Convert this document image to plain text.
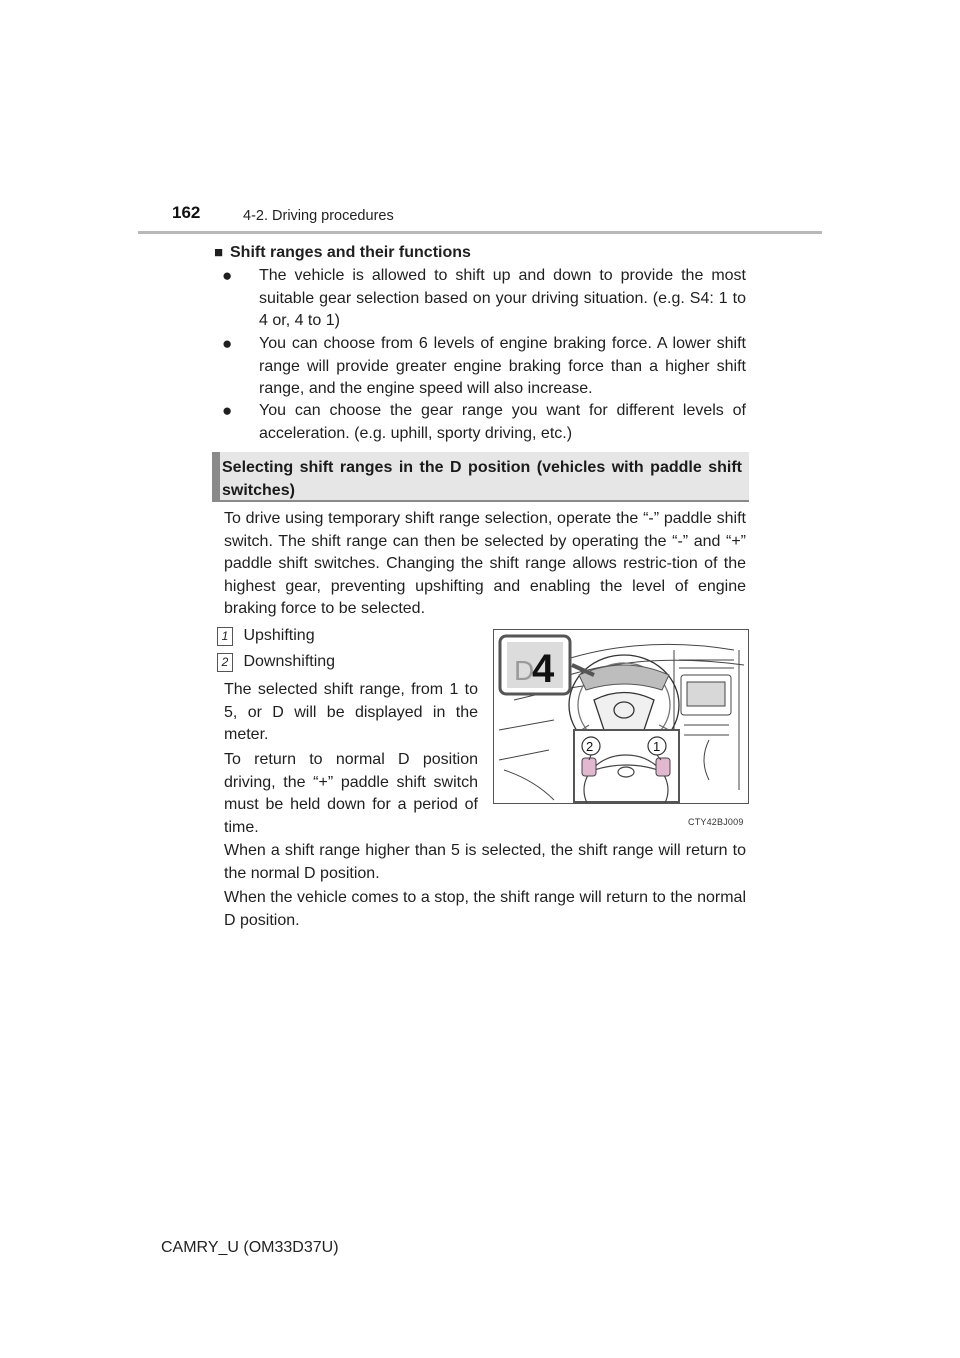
162	4-2. Driving procedures
■ Shift ranges and their functions
● The vehicle is allowed to shift up and down to provide the most suitable gear selection based on your driving situation. (e.g. S4: 1 to 4 or, 4 to 1)
● You can choose from 6 levels of engine braking force. A lower shift range will provide greater engine braking force than a higher shift range, and the engine speed will also increase.
● You can choose the gear range you want for different levels of acceleration. (e.g. uphill, sporty driving, etc.)
Selecting shift ranges in the D position (vehicles with paddle shift switches)
To drive using temporary shift range selection, operate the “-” paddle shift switch. The shift range can then be selected by operating the “-” and “+” paddle shift switches. Changing the shift range allows restric-tion of the highest gear, preventing upshifting and enabling the level of engine braking force to be selected.
1 Upshifting
2 Downshifting
The selected shift range, from 1 to 5, or D will be displayed in the meter.
To return to normal D position driving, the “+” paddle shift switch must be held down for a period of time.
D
4
2	1
CTY42BJ009
When a shift range higher than 5 is selected, the shift range will return to the normal D position.
When the vehicle comes to a stop, the shift range will return to the normal D position.
CAMRY_U (OM33D37U)
